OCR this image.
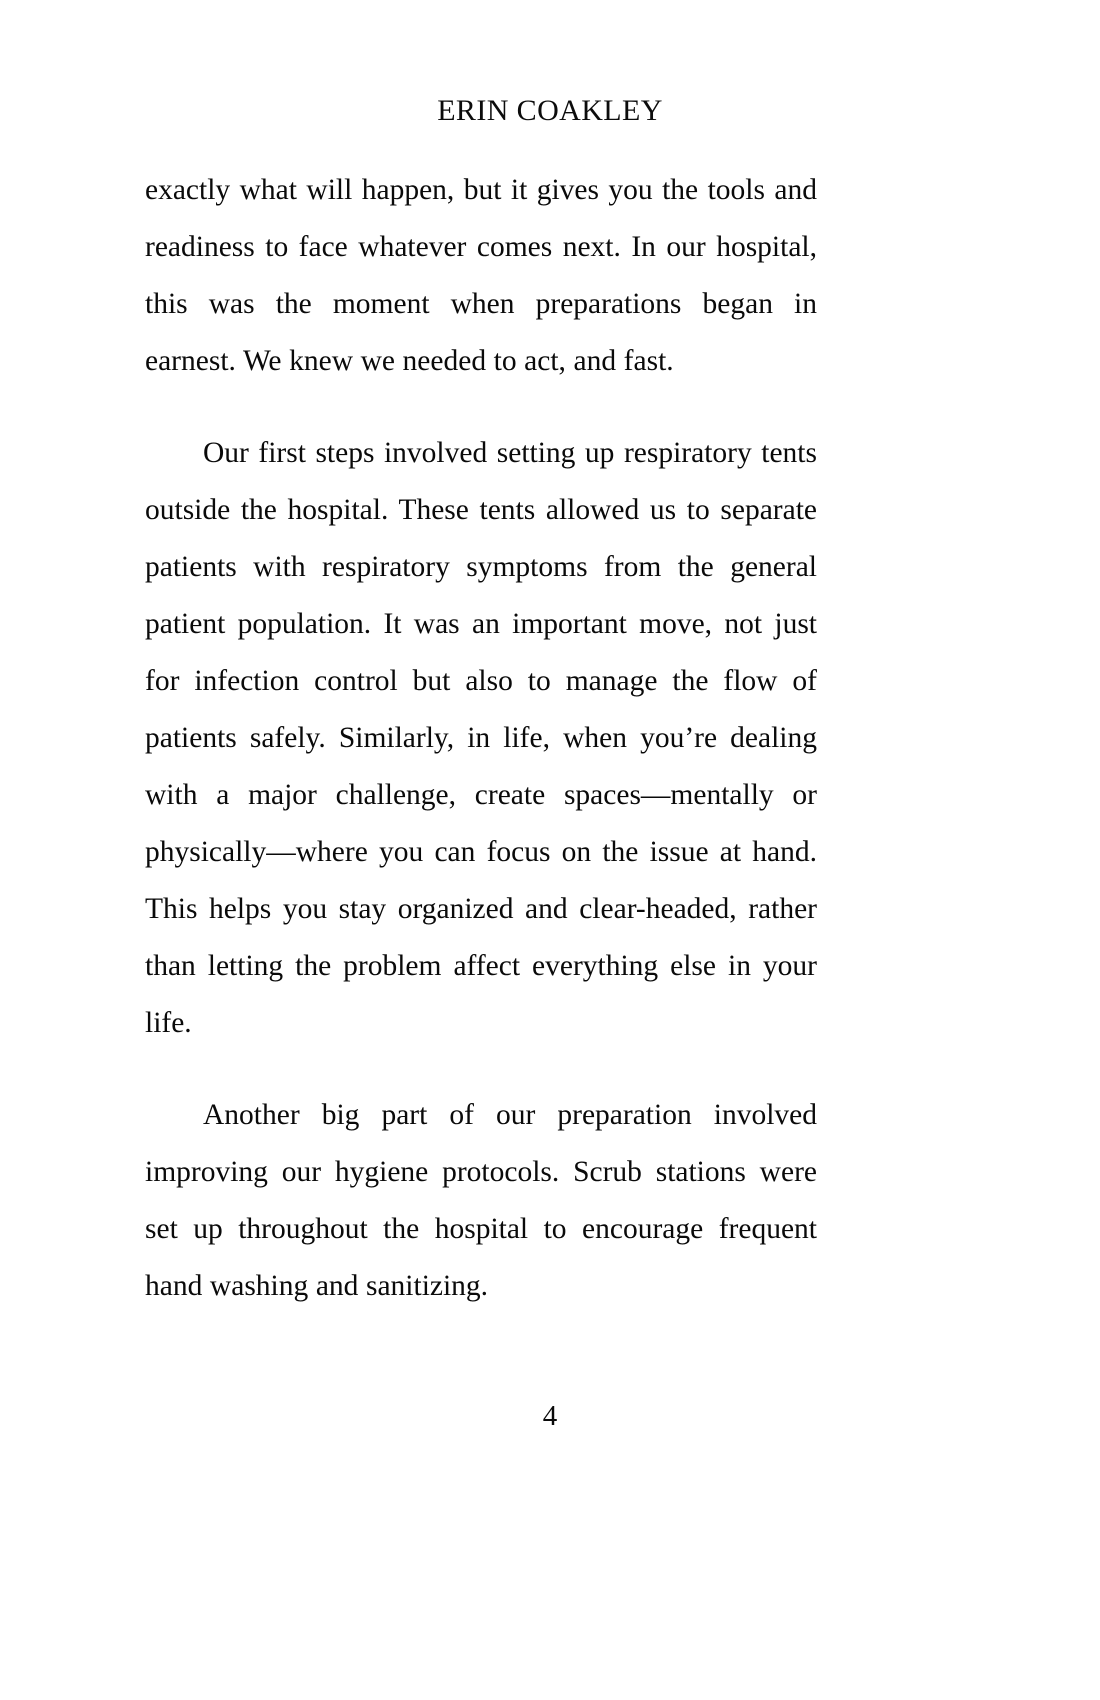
ERIN COAKLEY

exactly what will happen, but it gives you the tools and readiness to face whatever comes next. In our hospital, this was the moment when preparations began in earnest. We knew we needed to act, and fast.

Our first steps involved setting up respiratory tents outside the hospital. These tents allowed us to separate patients with respiratory symptoms from the general patient population. It was an important move, not just for infection control but also to manage the flow of patients safely. Similarly, in life, when you’re dealing with a major challenge, create spaces—mentally or physically—where you can focus on the issue at hand. This helps you stay organized and clear-headed, rather than letting the problem affect everything else in your life.

Another big part of our preparation involved improving our hygiene protocols. Scrub stations were set up throughout the hospital to encourage frequent hand washing and sanitizing.

4
